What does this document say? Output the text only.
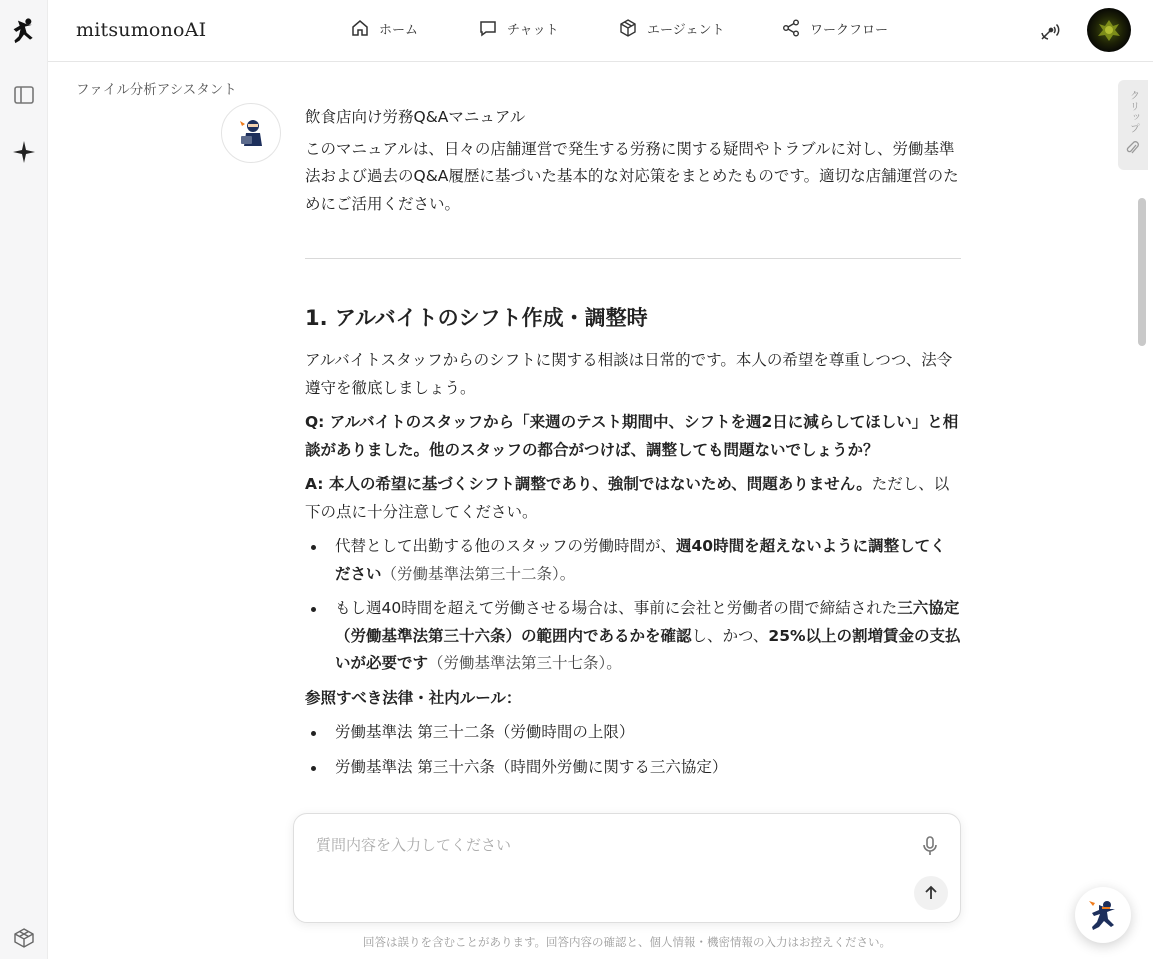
mitsumonoAI	ホーム	チャット	エージェント	ワークフロー
ファイル分析アシスタント
飲食店向け労務Q&Aマニュアル

このマニュアルは、日々の店舗運営で発生する労務に関する疑問やトラブルに対し、労働基準法および過去のQ&A履歴に基づいた基本的な対応策をまとめたものです。適切な店舗運営のためにご活用ください。

1. アルバイトのシフト作成・調整時

アルバイトスタッフからのシフトに関する相談は日常的です。本人の希望を尊重しつつ、法令遵守を徹底しましょう。

Q: アルバイトのスタッフから「来週のテスト期間中、シフトを週2日に減らしてほしい」と相談がありました。他のスタッフの都合がつけば、調整しても問題ないでしょうか？

A: 本人の希望に基づくシフト調整であり、強制ではないため、問題ありません。ただし、以下の点に十分注意してください。

代替として出勤する他のスタッフの労働時間が、週40時間を超えないように調整してください（労働基準法第三十二条）。
もし週40時間を超えて労働させる場合は、事前に会社と労働者の間で締結された三六協定（労働基準法第三十六条）の範囲内であるかを確認し、かつ、25%以上の割増賃金の支払いが必要です（労働基準法第三十七条）。

参照すべき法律・社内ルール：

労働基準法 第三十二条（労働時間の上限）
労働基準法 第三十六条（時間外労働に関する三六協定）
クリップ
質問内容を入力してください
回答は誤りを含むことがあります。回答内容の確認と、個人情報・機密情報の入力はお控えください。
